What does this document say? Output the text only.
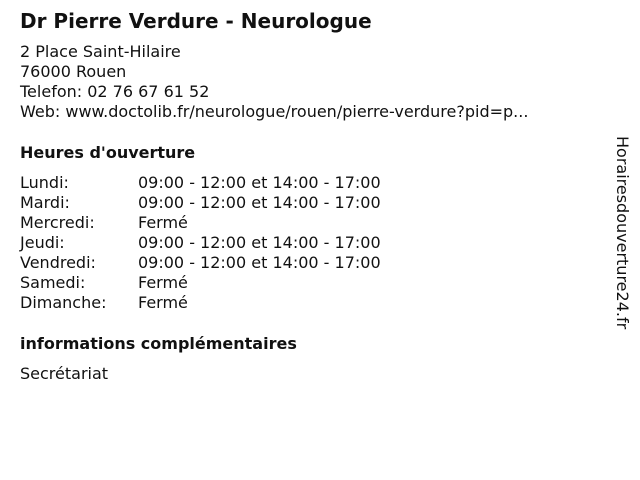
Dr Pierre Verdure - Neurologue
2 Place Saint-Hilaire
76000 Rouen
Telefon: 02 76 67 61 52
Web: www.doctolib.fr/neurologue/rouen/pierre-verdure?pid=p...
Heures d'ouverture
Lundi:	09:00 - 12:00 et 14:00 - 17:00
Mardi:	09:00 - 12:00 et 14:00 - 17:00
Mercredi:	Fermé
Jeudi:	09:00 - 12:00 et 14:00 - 17:00
Vendredi:	09:00 - 12:00 et 14:00 - 17:00
Samedi:	Fermé
Dimanche:	Fermé
informations complémentaires
Secrétariat
Horairesdouverture24.fr
